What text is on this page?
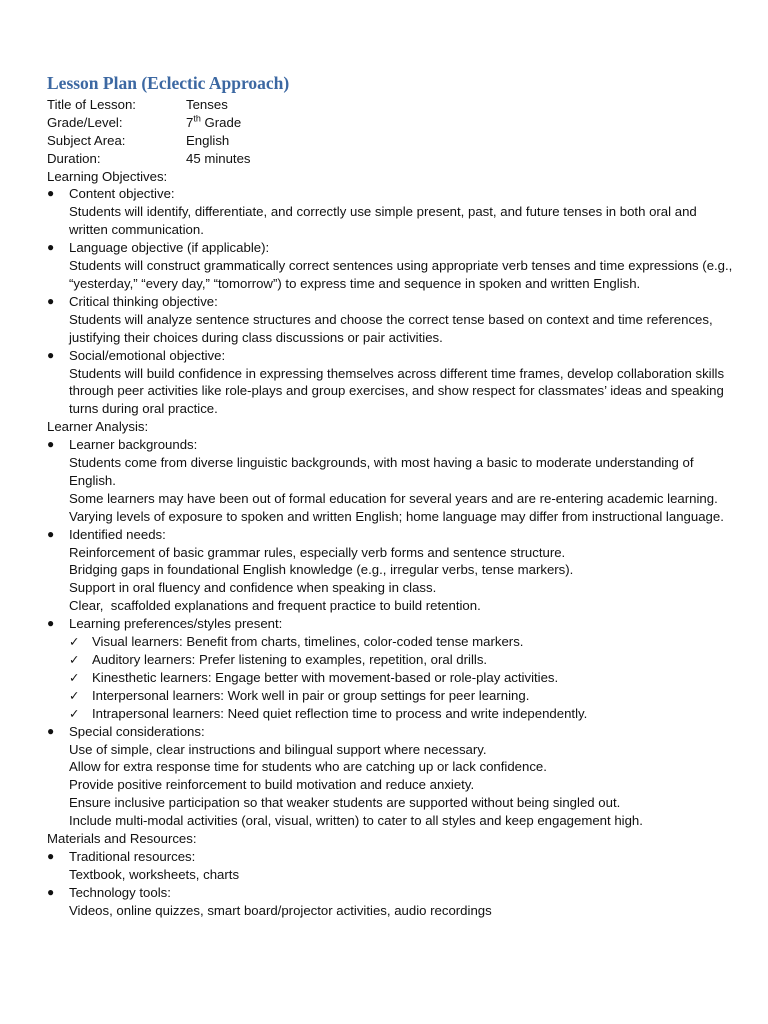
Lesson Plan (Eclectic Approach)
Title of Lesson:	Tenses
Grade/Level:	7th Grade
Subject Area:	English
Duration:	45 minutes
Learning Objectives:
●	Content objective:
Students will identify, differentiate, and correctly use simple present, past, and future tenses in both oral and written communication.
●	Language objective (if applicable):
Students will construct grammatically correct sentences using appropriate verb tenses and time expressions (e.g., “yesterday,” “every day,” “tomorrow”) to express time and sequence in spoken and written English.
●	Critical thinking objective:
Students will analyze sentence structures and choose the correct tense based on context and time references, justifying their choices during class discussions or pair activities.
●	Social/emotional objective:
Students will build confidence in expressing themselves across different time frames, develop collaboration skills through peer activities like role-plays and group exercises, and show respect for classmates’ ideas and speaking turns during oral practice.
Learner Analysis:
●	Learner backgrounds:

Students come from diverse linguistic backgrounds, with most having a basic to moderate understanding of English.

Some learners may have been out of formal education for several years and are re-entering academic learning.

Varying levels of exposure to spoken and written English; home language may differ from instructional language.

●	Identified needs:

Reinforcement of basic grammar rules, especially verb forms and sentence structure.

Bridging gaps in foundational English knowledge (e.g., irregular verbs, tense markers).

Support in oral fluency and confidence when speaking in class.

Clear,  scaffolded explanations and frequent practice to build retention.

●	Learning preferences/styles present:
✓ Visual learners: Benefit from charts, timelines, color-coded tense markers.
✓ Auditory learners: Prefer listening to examples, repetition, oral drills.
✓ Kinesthetic learners: Engage better with movement-based or role-play activities.
✓ Interpersonal learners: Work well in pair or group settings for peer learning.
✓ Intrapersonal learners: Need quiet reflection time to process and write independently.
●	Special considerations:

Use of simple, clear instructions and bilingual support where necessary.

Allow for extra response time for students who are catching up or lack confidence.

Provide positive reinforcement to build motivation and reduce anxiety.

Ensure inclusive participation so that weaker students are supported without being singled out.

Include multi-modal activities (oral, visual, written) to cater to all styles and keep engagement high.

Materials and Resources:
●	Traditional resources:
Textbook, worksheets, charts
●	Technology tools:
Videos, online quizzes, smart board/projector activities, audio recordings
